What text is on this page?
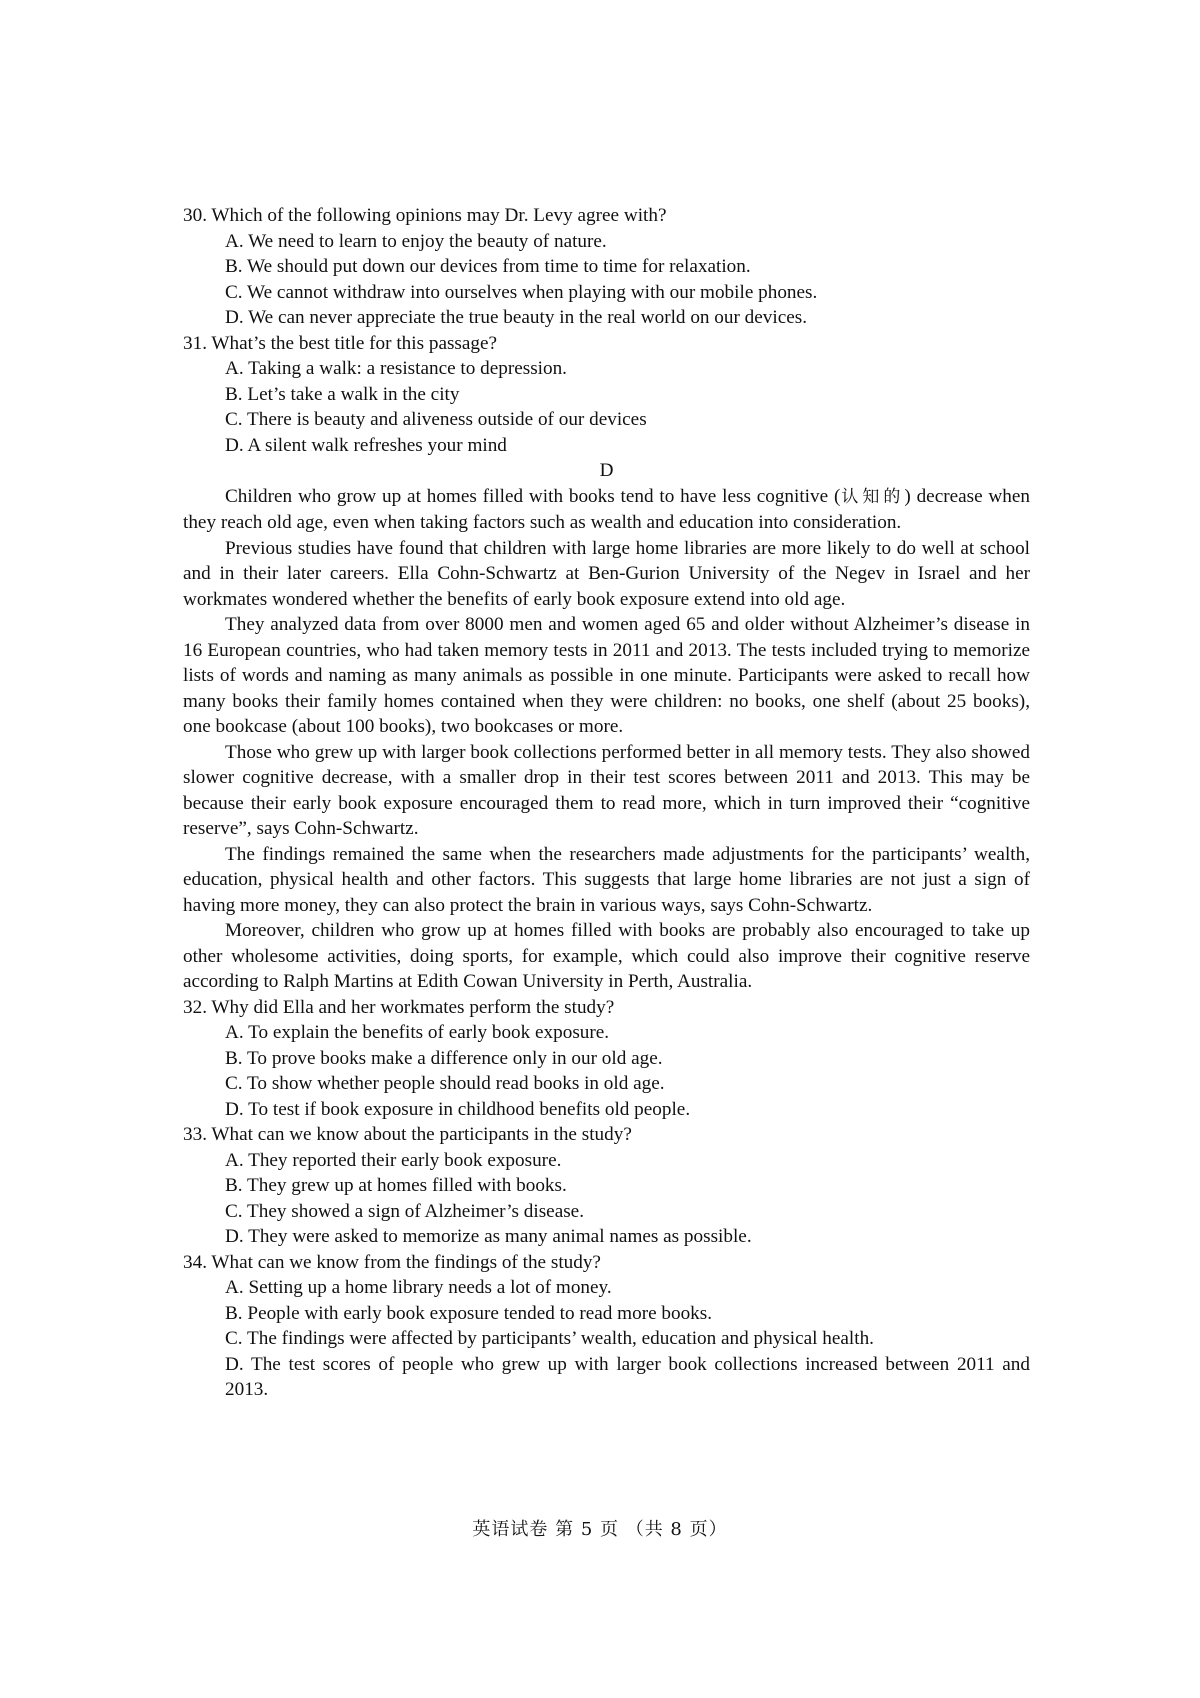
30. Which of the following opinions may Dr. Levy agree with?

A. We need to learn to enjoy the beauty of nature.

B. We should put down our devices from time to time for relaxation.

C. We cannot withdraw into ourselves when playing with our mobile phones.

D. We can never appreciate the true beauty in the real world on our devices.

31. What’s the best title for this passage?

A. Taking a walk: a resistance to depression.

B. Let’s take a walk in the city

C. There is beauty and aliveness outside of our devices

D. A silent walk refreshes your mind

D

Children who grow up at homes filled with books tend to have less cognitive (认知的) decrease when they reach old age, even when taking factors such as wealth and education into consideration.

Previous studies have found that children with large home libraries are more likely to do well at school and in their later careers. Ella Cohn-Schwartz at Ben-Gurion University of the Negev in Israel and her workmates wondered whether the benefits of early book exposure extend into old age.

They analyzed data from over 8000 men and women aged 65 and older without Alzheimer’s disease in 16 European countries, who had taken memory tests in 2011 and 2013. The tests included trying to memorize lists of words and naming as many animals as possible in one minute. Participants were asked to recall how many books their family homes contained when they were children: no books, one shelf (about 25 books), one bookcase (about 100 books), two bookcases or more.

Those who grew up with larger book collections performed better in all memory tests. They also showed slower cognitive decrease, with a smaller drop in their test scores between 2011 and 2013. This may be because their early book exposure encouraged them to read more, which in turn improved their “cognitive reserve”, says Cohn-Schwartz.

The findings remained the same when the researchers made adjustments for the participants’ wealth, education, physical health and other factors. This suggests that large home libraries are not just a sign of having more money, they can also protect the brain in various ways, says Cohn-Schwartz.

Moreover, children who grow up at homes filled with books are probably also encouraged to take up other wholesome activities, doing sports, for example, which could also improve their cognitive reserve according to Ralph Martins at Edith Cowan University in Perth, Australia.

32. Why did Ella and her workmates perform the study?

A. To explain the benefits of early book exposure.

B. To prove books make a difference only in our old age.

C. To show whether people should read books in old age.

D. To test if book exposure in childhood benefits old people.

33. What can we know about the participants in the study?

A. They reported their early book exposure.

B. They grew up at homes filled with books.

C. They showed a sign of Alzheimer’s disease.

D. They were asked to memorize as many animal names as possible.

34. What can we know from the findings of the study?

A. Setting up a home library needs a lot of money.

B. People with early book exposure tended to read more books.

C. The findings were affected by participants’ wealth, education and physical health.

D. The test scores of people who grew up with larger book collections increased between 2011 and 2013.

英语试卷 第 5 页 （共 8 页）
